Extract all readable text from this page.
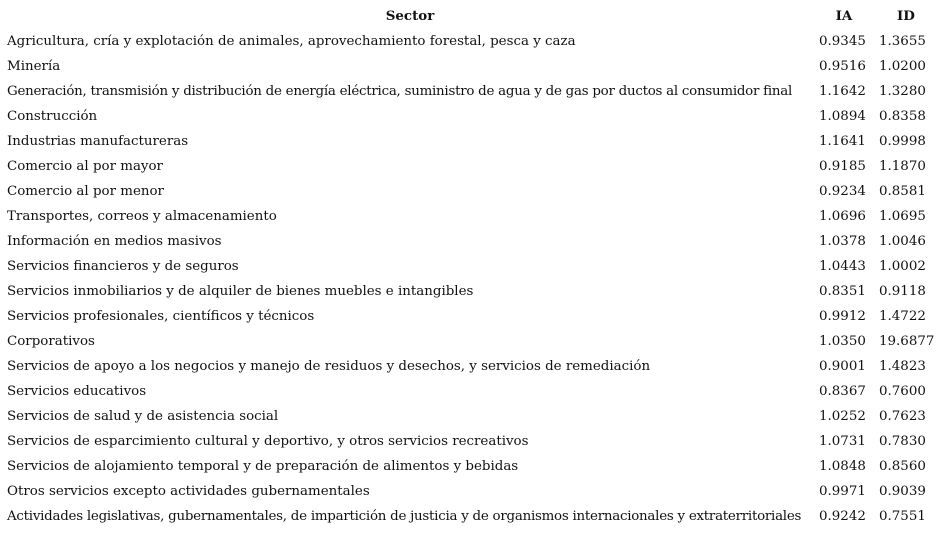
Sector	IA	ID
Agricultura, cría y explotación de animales, aprovechamiento forestal, pesca y caza	0.9345 1.3655
Minería	0.9516 1.0200
Generación, transmisión y distribución de energía eléctrica, suministro de agua y de gas por ductos al consumidor final 1.1642 1.3280
Construcción	1.0894 0.8358
Industrias manufactureras	1.1641 0.9998
Comercio al por mayor	0.9185 1.1870
Comercio al por menor	0.9234 0.8581
Transportes, correos y almacenamiento	1.0696 1.0695
Información en medios masivos	1.0378 1.0046
Servicios financieros y de seguros	1.0443 1.0002
Servicios inmobiliarios y de alquiler de bienes muebles e intangibles	0.8351 0.9118
Servicios profesionales, científicos y técnicos	0.9912 1.4722
Corporativos	1.0350 19.6877
Servicios de apoyo a los negocios y manejo de residuos y desechos, y servicios de remediación	0.9001 1.4823
Servicios educativos	0.8367 0.7600
Servicios de salud y de asistencia social	1.0252 0.7623
Servicios de esparcimiento cultural y deportivo, y otros servicios recreativos	1.0731 0.7830
Servicios de alojamiento temporal y de preparación de alimentos y bebidas	1.0848 0.8560
Otros servicios excepto actividades gubernamentales	0.9971 0.9039
Actividades legislativas, gubernamentales, de impartición de justicia y de organismos internacionales y extraterritoriales 0.9242 0.7551
